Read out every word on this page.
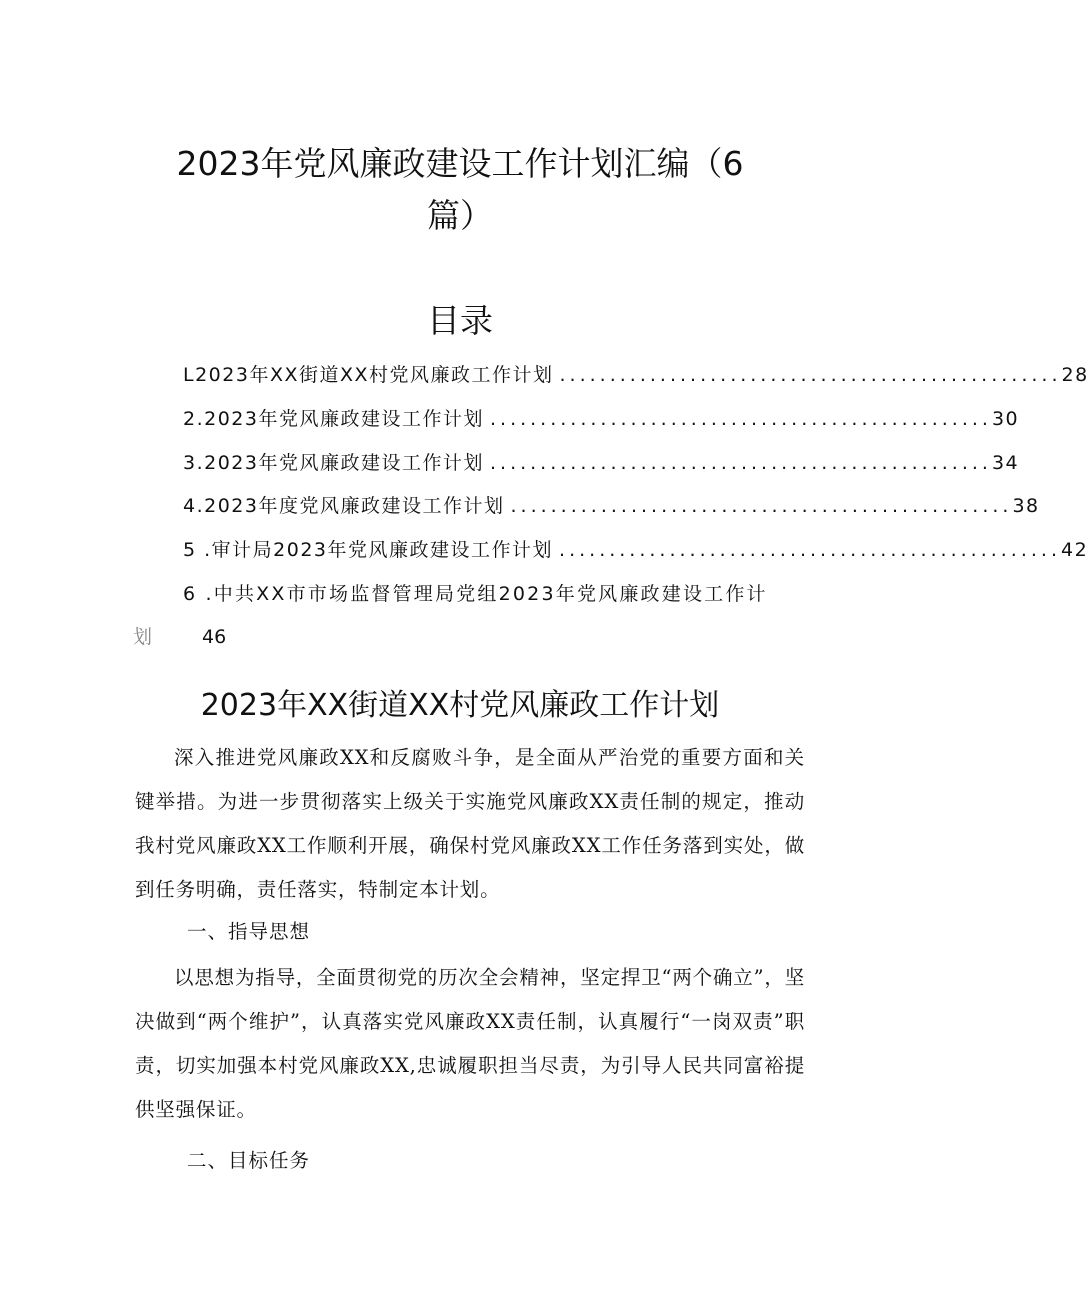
2023年党风廉政建设工作计划汇编（6
篇）
目录
L2023年XX街道XX村党风廉政工作计划 .................................................. 28
2.2023年党风廉政建设工作计划 .................................................. 30
3.2023年党风廉政建设工作计划 .................................................. 34
4.2023年度党风廉政建设工作计划 .................................................. 38
5 .审计局2023年党风廉政建设工作计划 .................................................. 42
6 .中共XX市市场监督管理局党组2023年党风廉政建设工作计
划	46
2023年XX街道XX村党风廉政工作计划

深入推进党风廉政XX和反腐败斗争，是全面从严治党的重要方面和关键举措。为进一步贯彻落实上级关于实施党风廉政XX责任制的规定，推动我村党风廉政XX工作顺利开展，确保村党风廉政XX工作任务落到实处，做到任务明确，责任落实，特制定本计划。

一、指导思想

以思想为指导，全面贯彻党的历次全会精神，坚定捍卫“两个确立”，坚决做到“两个维护”，认真落实党风廉政XX责任制，认真履行“一岗双责”职责，切实加强本村党风廉政XX,忠诚履职担当尽责，为引导人民共同富裕提供坚强保证。

二、目标任务
